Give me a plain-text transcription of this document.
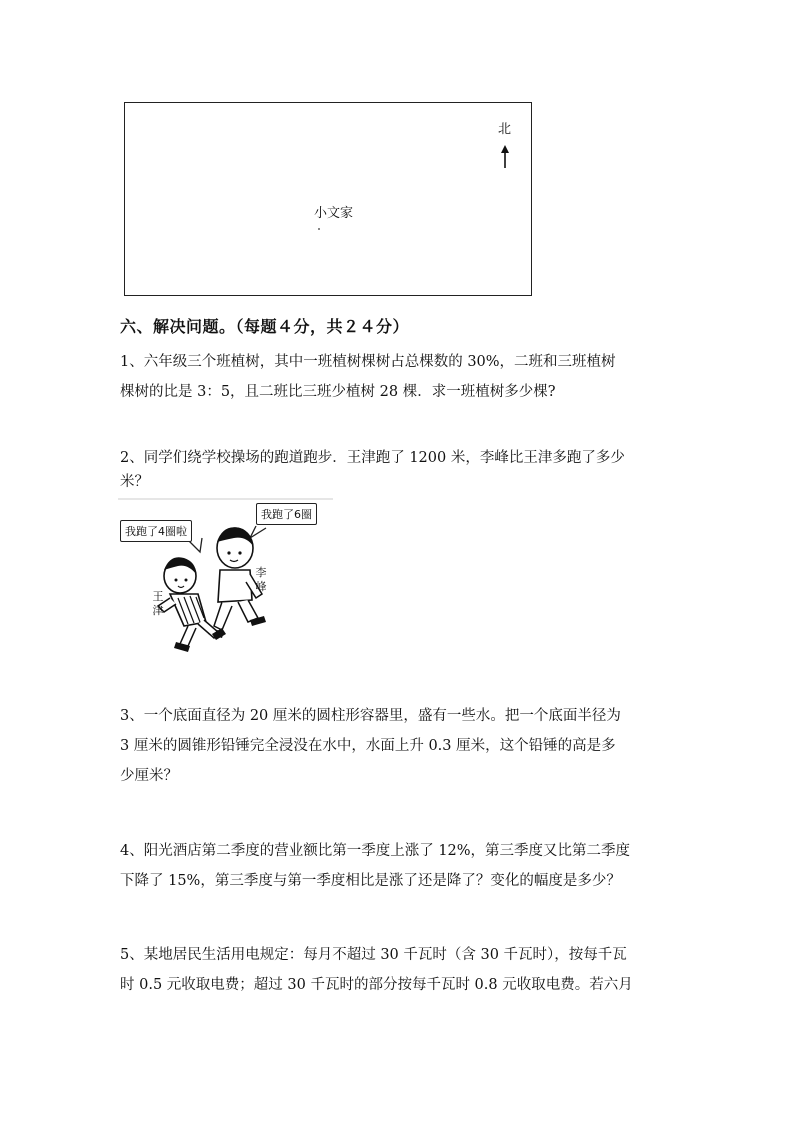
北
小文家
六、解决问题。（每题４分，共２４分）
1、六年级三个班植树，其中一班植树棵树占总棵数的 30%，二班和三班植树
棵树的比是 3：5，且二班比三班少植树 28 棵．求一班植树多少棵?
2、同学们绕学校操场的跑道跑步．王津跑了 1200 米，李峰比王津多跑了多少
米？
我跑了4圈啦
我跑了6圈
王
津
李
峰
3、一个底面直径为 20 厘米的圆柱形容器里，盛有一些水。把一个底面半径为
3 厘米的圆锥形铅锤完全浸没在水中，水面上升 0.3 厘米，这个铅锤的高是多
少厘米？
4、阳光酒店第二季度的营业额比第一季度上涨了 12%，第三季度又比第二季度
下降了 15%，第三季度与第一季度相比是涨了还是降了？变化的幅度是多少？
5、某地居民生活用电规定：每月不超过 30 千瓦时（含 30 千瓦时），按每千瓦
时 0.5 元收取电费；超过 30 千瓦时的部分按每千瓦时 0.8 元收取电费。若六月
